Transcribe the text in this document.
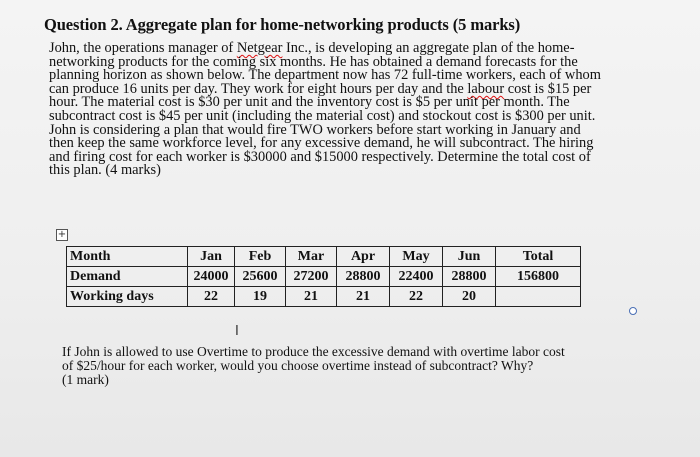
Question 2. Aggregate plan for home-networking products (5 marks)
John, the operations manager of Netgear Inc., is developing an aggregate plan of the home-
networking products for the coming six months. He has obtained a demand forecasts for the
planning horizon as shown below. The department now has 72 full-time workers, each of whom
can produce 16 units per day. They work for eight hours per day and the labour cost is $15 per
hour. The material cost is $30 per unit and the inventory cost is $5 per unit per month. The
subcontract cost is $45 per unit (including the material cost) and stockout cost is $300 per unit.
John is considering a plan that would fire TWO workers before start working in January and
then keep the same workforce level, for any excessive demand, he will subcontract. The hiring
and firing cost for each worker is $30000 and $15000 respectively. Determine the total cost of
this plan. (4 marks)
+
Month	Jan	Feb	Mar	Apr	May	Jun	Total
Demand	24000	25600	27200	28800	22400	28800	156800
Working days	22	19	21	21	22	20	
I
If John is allowed to use Overtime to produce the excessive demand with overtime labor cost
of $25/hour for each worker, would you choose overtime instead of subcontract? Why?
(1 mark)
